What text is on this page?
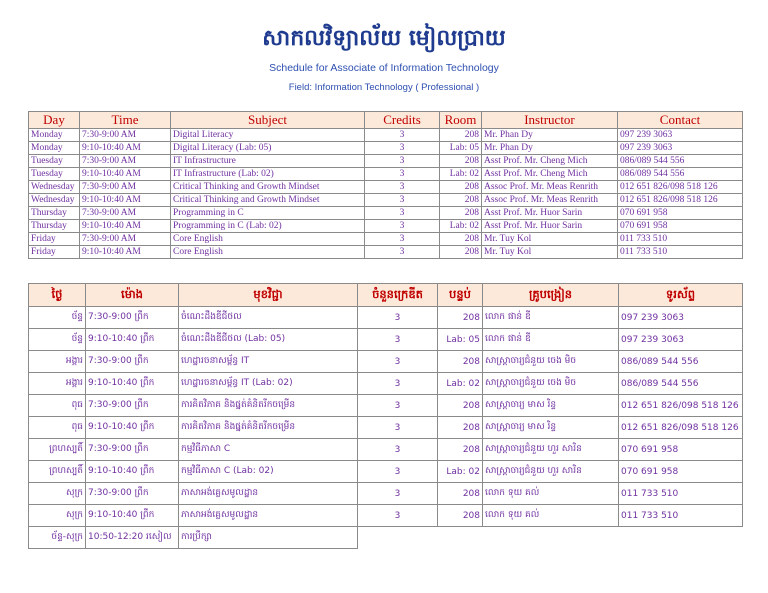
សាកលវិទ្យាល័យ មៀលប្រាយ
Schedule for Associate of Information Technology
Field: Information Technology ( Professional )
Day	Time	Subject	Credits	Room	Instructor	Contact
Monday	7:30-9:00 AM	Digital Literacy	3	208	Mr. Phan Dy	097 239 3063
Monday	9:10-10:40 AM	Digital Literacy (Lab: 05)	3	Lab: 05	Mr. Phan Dy	097 239 3063
Tuesday	7:30-9:00 AM	IT Infrastructure	3	208	Asst Prof. Mr. Cheng Mich	086/089 544 556
Tuesday	9:10-10:40 AM	IT Infrastructure (Lab: 02)	3	Lab: 02	Asst Prof. Mr. Cheng Mich	086/089 544 556
Wednesday	7:30-9:00 AM	Critical Thinking and Growth Mindset	3	208	Assoc Prof. Mr. Meas Renrith	012 651 826/098 518 126
Wednesday	9:10-10:40 AM	Critical Thinking and Growth Mindset	3	208	Assoc Prof. Mr. Meas Renrith	012 651 826/098 518 126
Thursday	7:30-9:00 AM	Programming in C	3	208	Asst Prof. Mr. Huor Sarin	070 691 958
Thursday	9:10-10:40 AM	Programming in C (Lab: 02)	3	Lab: 02	Asst Prof. Mr. Huor Sarin	070 691 958
Friday	7:30-9:00 AM	Core English	3	208	Mr. Tuy Kol	011 733 510
Friday	9:10-10:40 AM	Core English	3	208	Mr. Tuy Kol	011 733 510
ថ្ងៃ	ម៉ោង	មុខវិជ្ជា	ចំនួនក្រេឌីត	បន្ទប់	គ្រូបង្រៀន	ទូរស័ព្ទ
ច័ន្ទ	7:30-9:00 ព្រឹក	ចំណេះដឹងឌីជីថល	3	208	លោក ផាន់ ឌី	097 239 3063
ច័ន្ទ	9:10-10:40 ព្រឹក	ចំណេះដឹងឌីជីថល (Lab: 05)	3	Lab: 05	លោក ផាន់ ឌី	097 239 3063
អង្គារ	7:30-9:00 ព្រឹក	ហេដ្ឋារចនាសម្ព័ន្ធ IT	3	208	សាស្ត្រាចារ្យជំនួយ ចេង មិច	086/089 544 556
អង្គារ	9:10-10:40 ព្រឹក	ហេដ្ឋារចនាសម្ព័ន្ធ IT (Lab: 02)	3	Lab: 02	សាស្ត្រាចារ្យជំនួយ ចេង មិច	086/089 544 556
ពុធ	7:30-9:00 ព្រឹក	ការគិតវិភាគ និងផ្នត់គំនិតរីកចម្រើន	3	208	សាស្ត្រាចារ្យ មាស រិន្ទ	012 651 826/098 518 126
ពុធ	9:10-10:40 ព្រឹក	ការគិតវិភាគ និងផ្នត់គំនិតរីកចម្រើន	3	208	សាស្ត្រាចារ្យ មាស រិន្ទ	012 651 826/098 518 126
ព្រហស្បតិ៍	7:30-9:00 ព្រឹក	កម្មវិធីភាសា C	3	208	សាស្ត្រាចារ្យជំនួយ ហួរ សារិន	070 691 958
ព្រហស្បតិ៍	9:10-10:40 ព្រឹក	កម្មវិធីភាសា C (Lab: 02)	3	Lab: 02	សាស្ត្រាចារ្យជំនួយ ហួរ សារិន	070 691 958
សុក្រ	7:30-9:00 ព្រឹក	ភាសាអង់គ្លេសមូលដ្ឋាន	3	208	លោក ទុយ គល់	011 733 510
សុក្រ	9:10-10:40 ព្រឹក	ភាសាអង់គ្លេសមូលដ្ឋាន	3	208	លោក ទុយ គល់	011 733 510
ច័ន្ទ-សុក្រ	10:50-12:20 រសៀល	ការប្រឹក្សា				
